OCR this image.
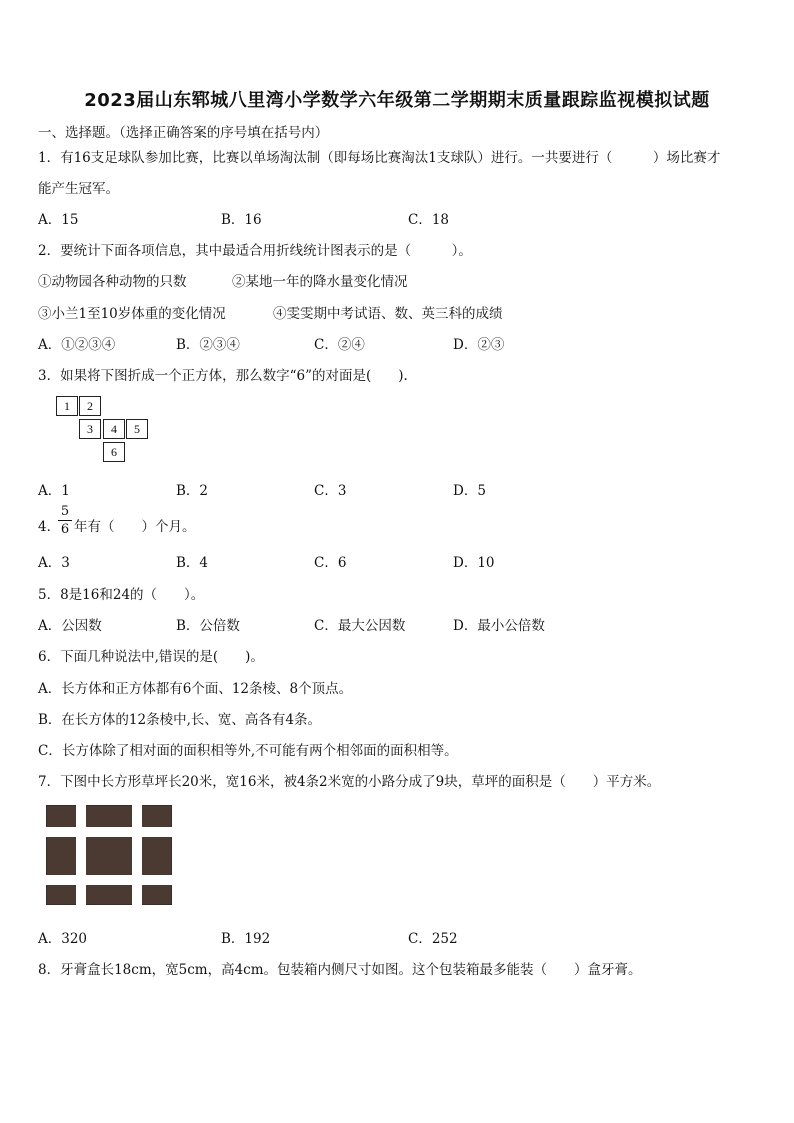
2023届山东郓城八里湾小学数学六年级第二学期期末质量跟踪监视模拟试题
一、选择题。（选择正确答案的序号填在括号内）
1．有16支足球队参加比赛，比赛以单场淘汰制（即每场比赛淘汰1支球队）进行。一共要进行（　　　）场比赛才
能产生冠军。
A．15	B．16	C．18
2．要统计下面各项信息，其中最适合用折线统计图表示的是（　　　）。
①动物园各种动物的只数	②某地一年的降水量变化情况
③小兰1至10岁体重的变化情况	④雯雯期中考试语、数、英三科的成绩
A．①②③④	B．②③④	C．②④	D．②③
3．如果将下图折成一个正方体，那么数字“6”的对面是(　　).
1	2
3	4	5
6
A．1	B．2	C．3	D．5
4．
5
6 年有（　　）个月。
A．3	B．4	C．6	D．10
5．8是16和24的（　　）。
A．公因数	B．公倍数	C．最大公因数	D．最小公倍数
6．下面几种说法中,错误的是(　　)。
A．长方体和正方体都有6个面、12条棱、8个顶点。
B．在长方体的12条棱中,长、宽、高各有4条。
C．长方体除了相对面的面积相等外,不可能有两个相邻面的面积相等。
7．下图中长方形草坪长20米，宽16米，被4条2米宽的小路分成了9块，草坪的面积是（　　）平方米。
A．320	B．192	C．252
8．牙膏盒长18cm，宽5cm，高4cm。包装箱内侧尺寸如图。这个包装箱最多能装（　　）盒牙膏。
